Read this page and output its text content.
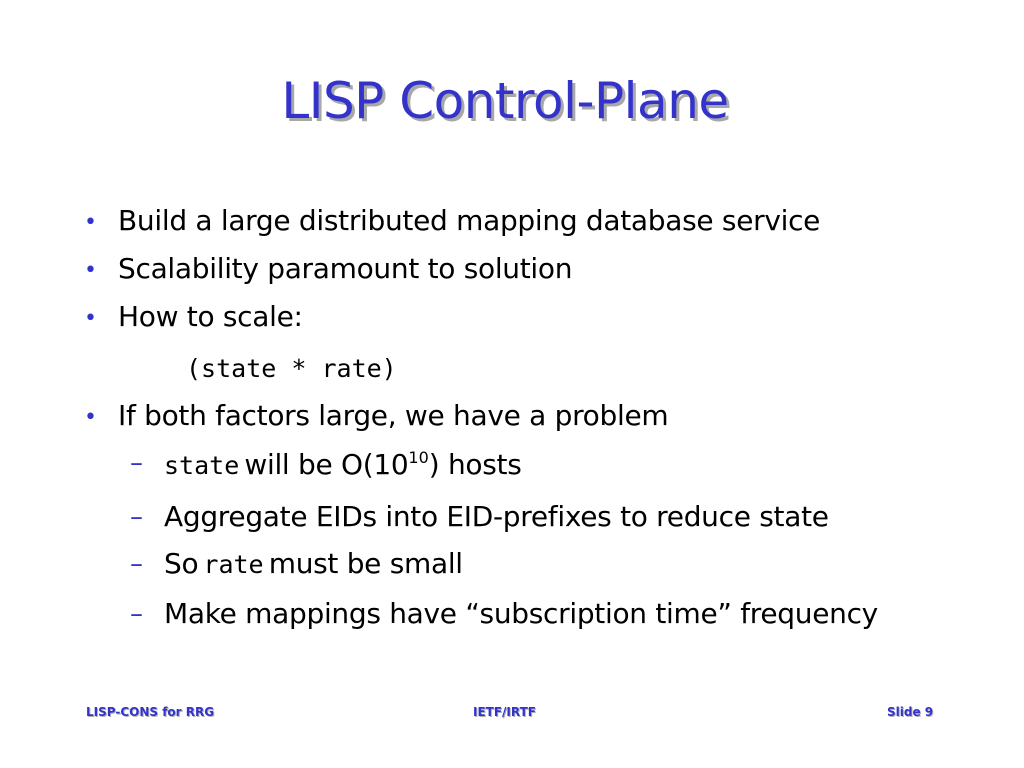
LISP Control-Plane
• Build a large distributed mapping database service
• Scalability paramount to solution
• How to scale:
(state * rate)
• If both factors large, we have a problem
– state will be $O(10^{10})$ hosts
– Aggregate EIDs into EID-prefixes to reduce state
– So rate must be small
– Make mappings have “subscription time” frequency
LISP-CONS for RRG	IETF/IRTF	Slide 9
